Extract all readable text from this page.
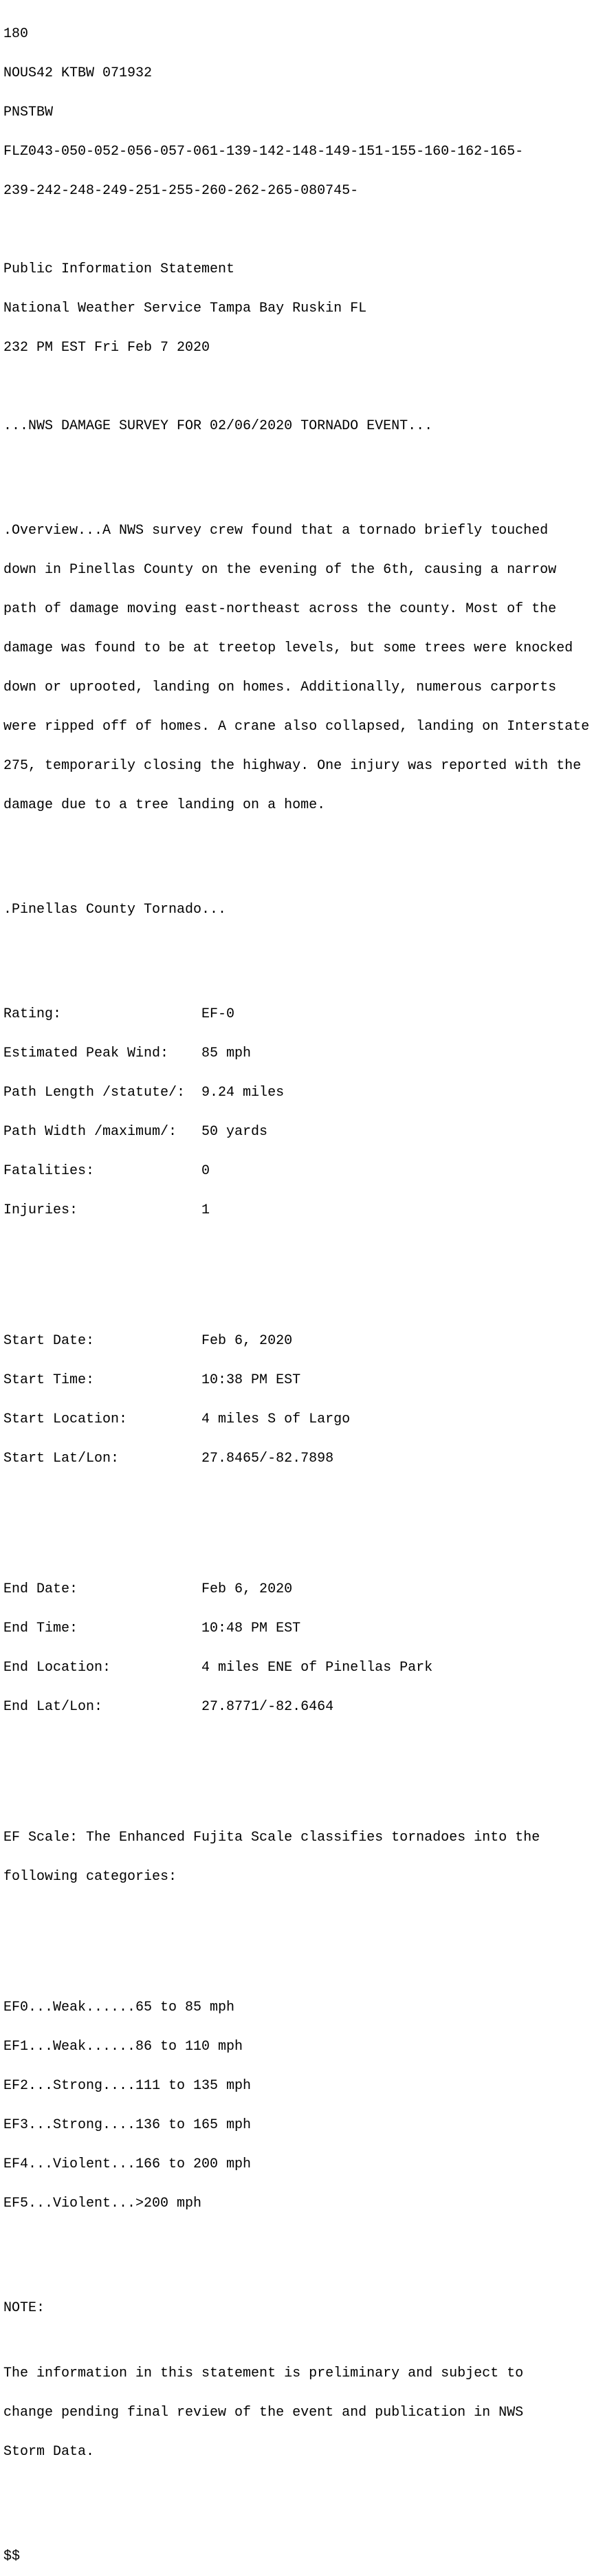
180

NOUS42 KTBW 071932

PNSTBW

FLZ043-050-052-056-057-061-139-142-148-149-151-155-160-162-165-

239-242-248-249-251-255-260-262-265-080745-

Public Information Statement

National Weather Service Tampa Bay Ruskin FL

232 PM EST Fri Feb 7 2020

...NWS DAMAGE SURVEY FOR 02/06/2020 TORNADO EVENT...

.Overview...A NWS survey crew found that a tornado briefly touched

down in Pinellas County on the evening of the 6th, causing a narrow

path of damage moving east-northeast across the county. Most of the

damage was found to be at treetop levels, but some trees were knocked

down or uprooted, landing on homes. Additionally, numerous carports

were ripped off of homes. A crane also collapsed, landing on Interstate

275, temporarily closing the highway. One injury was reported with the

damage due to a tree landing on a home.

.Pinellas County Tornado...

Rating:                 EF-0

Estimated Peak Wind:    85 mph

Path Length /statute/:  9.24 miles

Path Width /maximum/:   50 yards

Fatalities:             0

Injuries:               1

Start Date:             Feb 6, 2020

Start Time:             10:38 PM EST

Start Location:         4 miles S of Largo

Start Lat/Lon:          27.8465/-82.7898

End Date:               Feb 6, 2020

End Time:               10:48 PM EST

End Location:           4 miles ENE of Pinellas Park

End Lat/Lon:            27.8771/-82.6464

EF Scale: The Enhanced Fujita Scale classifies tornadoes into the

following categories:

EF0...Weak......65 to 85 mph

EF1...Weak......86 to 110 mph

EF2...Strong....111 to 135 mph

EF3...Strong....136 to 165 mph

EF4...Violent...166 to 200 mph

EF5...Violent...>200 mph

NOTE:

The information in this statement is preliminary and subject to

change pending final review of the event and publication in NWS

Storm Data.

$$
